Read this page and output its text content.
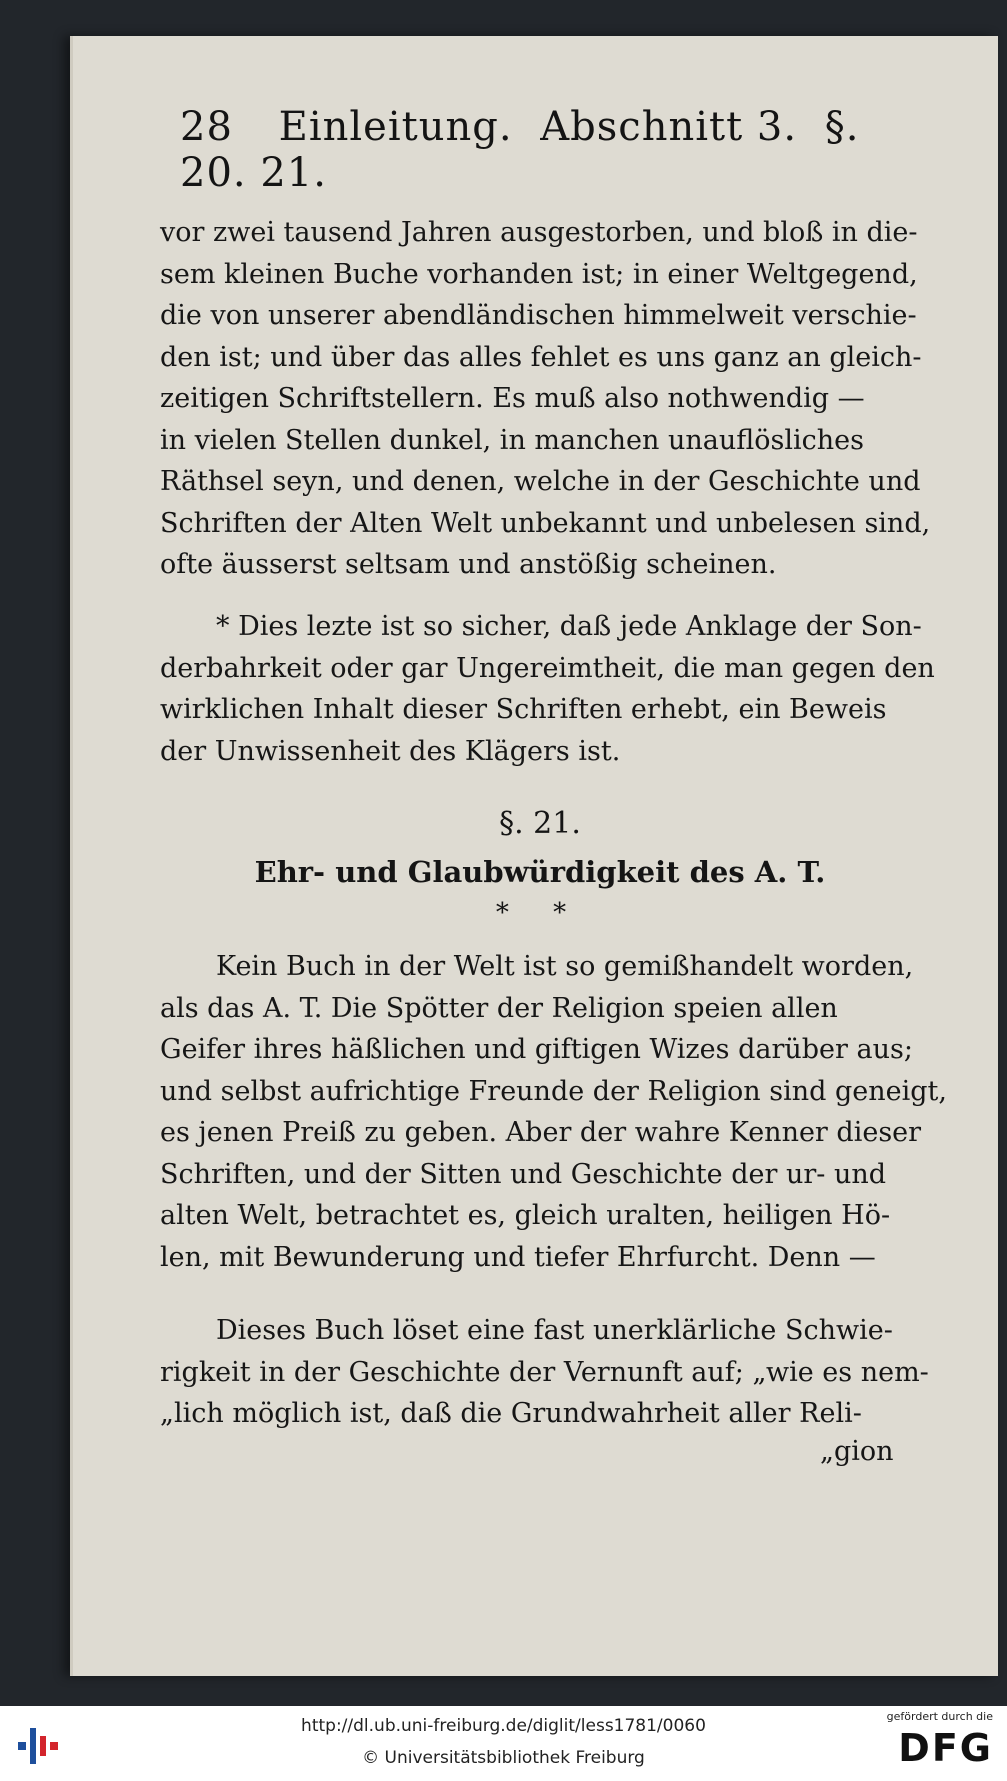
28 Einleitung. Abschnitt 3. §. 20. 21.
vor zwei tausend Jahren ausgestorben, und bloß in die-
sem kleinen Buche vorhanden ist; in einer Weltgegend,
die von unserer abendländischen himmelweit verschie-
den ist; und über das alles fehlet es uns ganz an gleich-
zeitigen Schriftstellern. Es muß also nothwendig —
in vielen Stellen dunkel, in manchen unauflösliches
Räthsel seyn, und denen, welche in der Geschichte und
Schriften der Alten Welt unbekannt und unbelesen sind,
ofte äusserst seltsam und anstößig scheinen.
* Dies lezte ist so sicher, daß jede Anklage der Son-
derbahrkeit oder gar Ungereimtheit, die man gegen den
wirklichen Inhalt dieser Schriften erhebt, ein Beweis
der Unwissenheit des Klägers ist.
§. 21.
Ehr- und Glaubwürdigkeit des A. T.
* *
Kein Buch in der Welt ist so gemißhandelt worden,
als das A. T. Die Spötter der Religion speien allen
Geifer ihres häßlichen und giftigen Wizes darüber aus;
und selbst aufrichtige Freunde der Religion sind geneigt,
es jenen Preiß zu geben. Aber der wahre Kenner dieser
Schriften, und der Sitten und Geschichte der ur- und
alten Welt, betrachtet es, gleich uralten, heiligen Hö-
len, mit Bewunderung und tiefer Ehrfurcht. Denn —
Dieses Buch löset eine fast unerklärliche Schwie-
rigkeit in der Geschichte der Vernunft auf; „wie es nem-
„lich möglich ist, daß die Grundwahrheit aller Reli-
„gion
http://dl.ub.uni-freiburg.de/diglit/less1781/0060
© Universitätsbibliothek Freiburg
gefördert durch die
DFG
